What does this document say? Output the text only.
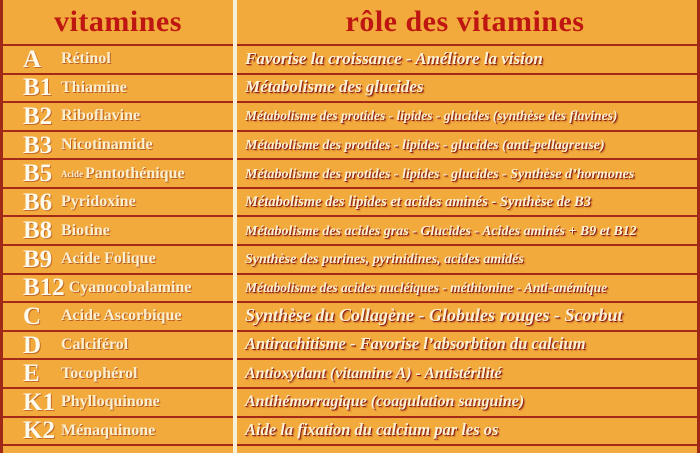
vitamines	rôle des vitamines
A	Rétinol	Favorise la croissance - Améliore la vision
B1 Thiamine	Métabolisme des glucides
B2 Riboflavine	Métabolisme des protides - lipides - glucides (synthèse des flavines)
B3 Nicotinamide	Métabolisme des protides - lipides - glucides (anti-pellagreuse)
B5 Acide Pantothénique	Métabolisme des protides - lipides - glucides - Synthèse d’hormones
B6 Pyridoxine	Métabolisme des lipides et acides aminés - Synthèse de B3
B8 Biotine	Métabolisme des acides gras - Glucides - Acides aminés + B9 et B12
B9 Acide Folique	Synthèse des purines, pyrinidines, acides amidés
B12 Cyanocobalamine	Métabolisme des acides nucléiques - méthionine - Anti-anémique
C	Acide Ascorbique	Synthèse du Collagène - Globules rouges - Scorbut
D	Calciférol	Antirachitisme - Favorise l’absorbtion du calcium
E	Tocophérol	Antioxydant (vitamine A) - Antistérilité
K1 Phylloquinone	Antihémorragique (coagulation sanguine)
K2 Ménaquinone	Aide la fixation du calcium par les os
